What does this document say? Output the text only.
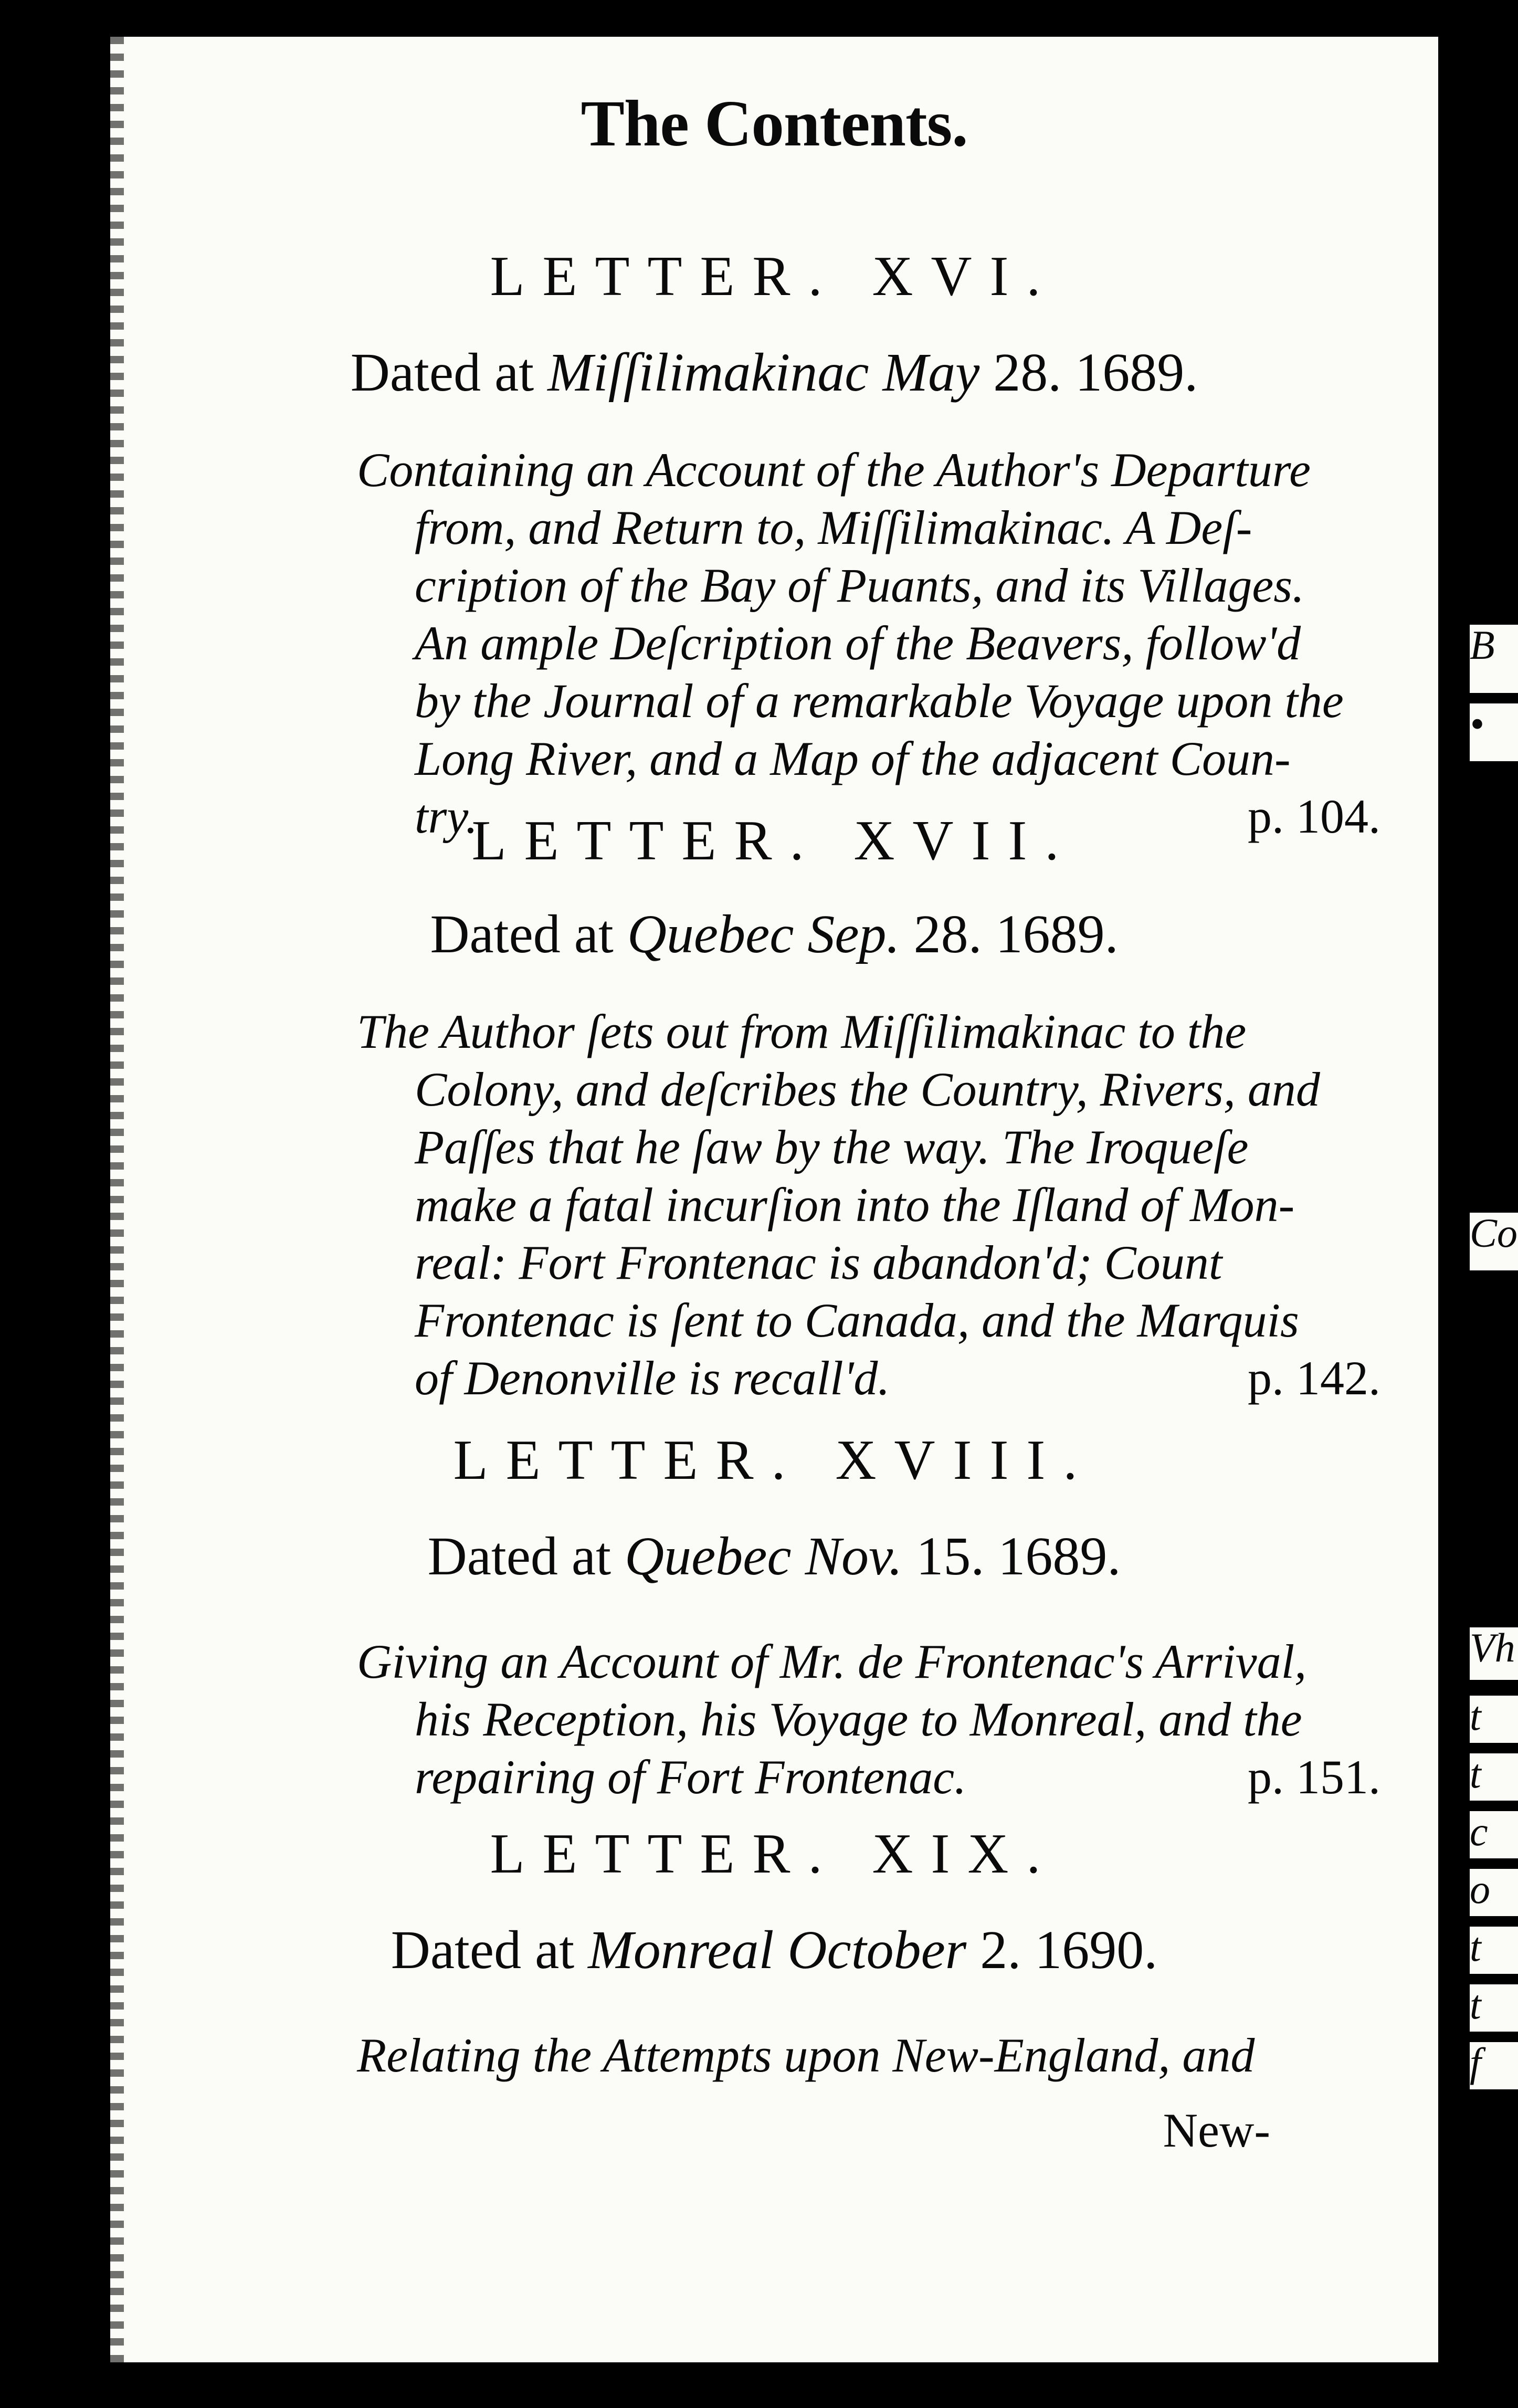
The Contents.
LETTER. XVI.
Dated at Miſſilimakinac May 28. 1689.
Containing an Account of the Author's Departure
from, and Return to, Miſſilimakinac. A Deſ-
cription of the Bay of Puants, and its Villages.
An ample Deſcription of the Beavers, follow'd
by the Journal of a remarkable Voyage upon the
Long River, and a Map of the adjacent Coun-
try.	p. 104.
LETTER. XVII.
Dated at Quebec Sep. 28. 1689.
The Author ſets out from Miſſilimakinac to the
Colony, and deſcribes the Country, Rivers, and
Paſſes that he ſaw by the way. The Iroqueſe
make a fatal incurſion into the Iſland of Mon-
real: Fort Frontenac is abandon'd; Count
Frontenac is ſent to Canada, and the Marquis
of Denonville is recall'd.	p. 142.
LETTER. XVIII.
Dated at Quebec Nov. 15. 1689.
Giving an Account of Mr. de Frontenac's Arrival,
his Reception, his Voyage to Monreal, and the
repairing of Fort Frontenac.	p. 151.
LETTER. XIX.
Dated at Monreal October 2. 1690.
Relating the Attempts upon New-England, and
New-
B
•
Co
Vh
t
t
c
o
t
t
f
